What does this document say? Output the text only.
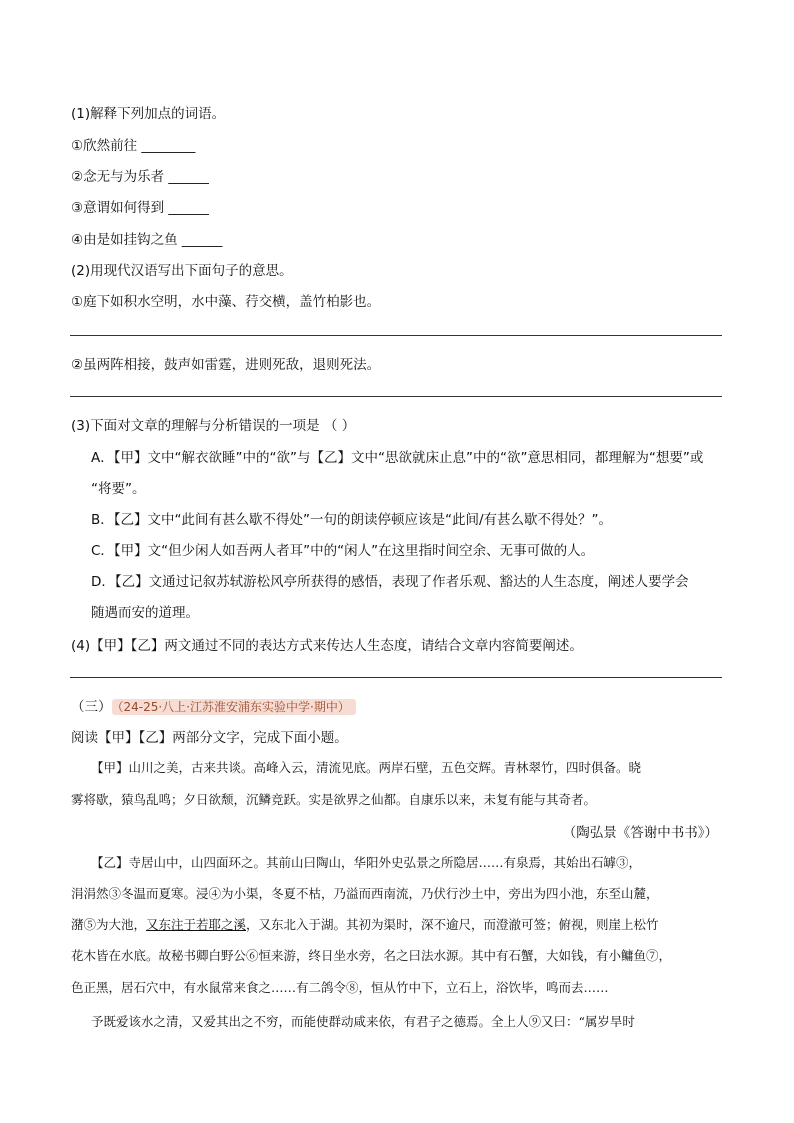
(1)解释下列加点的词语。
①欣然前往 ________
②念无与为乐者 ______
③意谓如何得到 ______
④由是如挂钩之鱼 ______
(2)用现代汉语写出下面句子的意思。
①庭下如积水空明，水中藻、荇交横，盖竹柏影也。
②虽两阵相接，鼓声如雷霆，进则死敌，退则死法。
(3)下面对文章的理解与分析错误的一项是 （ ）
A．【甲】文中“解衣欲睡”中的“欲”与【乙】文中“思欲就床止息”中的“欲”意思相同，都理解为“想要”或
“将要”。
B．【乙】文中“此间有甚么歇不得处”一句的朗读停顿应该是“此间/有甚么歇不得处？”。
C．【甲】文“但少闲人如吾两人者耳”中的“闲人”在这里指时间空余、无事可做的人。
D．【乙】文通过记叙苏轼游松风亭所获得的感悟，表现了作者乐观、豁达的人生态度，阐述人要学会
随遇而安的道理。
(4)【甲】【乙】两文通过不同的表达方式来传达人生态度，请结合文章内容简要阐述。
（三） （24-25·八上·江苏淮安浦东实验中学·期中）
阅读【甲】【乙】两部分文字，完成下面小题。
【甲】山川之美，古来共谈。高峰入云，清流见底。两岸石壁，五色交辉。青林翠竹，四时俱备。晓
雾将歇，猿鸟乱鸣；夕日欲颓，沉鳞竞跃。实是欲界之仙都。自康乐以来，未复有能与其奇者。
（陶弘景《答谢中书书》）
【乙】寺居山中，山四面环之。其前山曰陶山，华阳外史弘景之所隐居……有泉焉，其始出石罅③，
涓涓然③冬温而夏寒。浸④为小渠，冬夏不枯，乃溢而西南流，乃伏行沙土中，旁出为四小池，东至山麓，
潴⑤为大池，又东注于若耶之溪，又东北入于湖。其初为渠时，深不逾尺，而澄澈可签；俯视，则崖上松竹
花木皆在水底。故秘书卿白野公⑥恒来游，终日坐水旁，名之曰法水源。其中有石蟹，大如钱，有小鳙鱼⑦，
色正黑，居石穴中，有水鼠常来食之……有二鸽令⑧，恒从竹中下，立石上，浴饮毕，鸣而去……
予既爱该水之清，又爱其出之不穷，而能使群动咸来依，有君子之德焉。全上人⑨又曰：“属岁旱时
